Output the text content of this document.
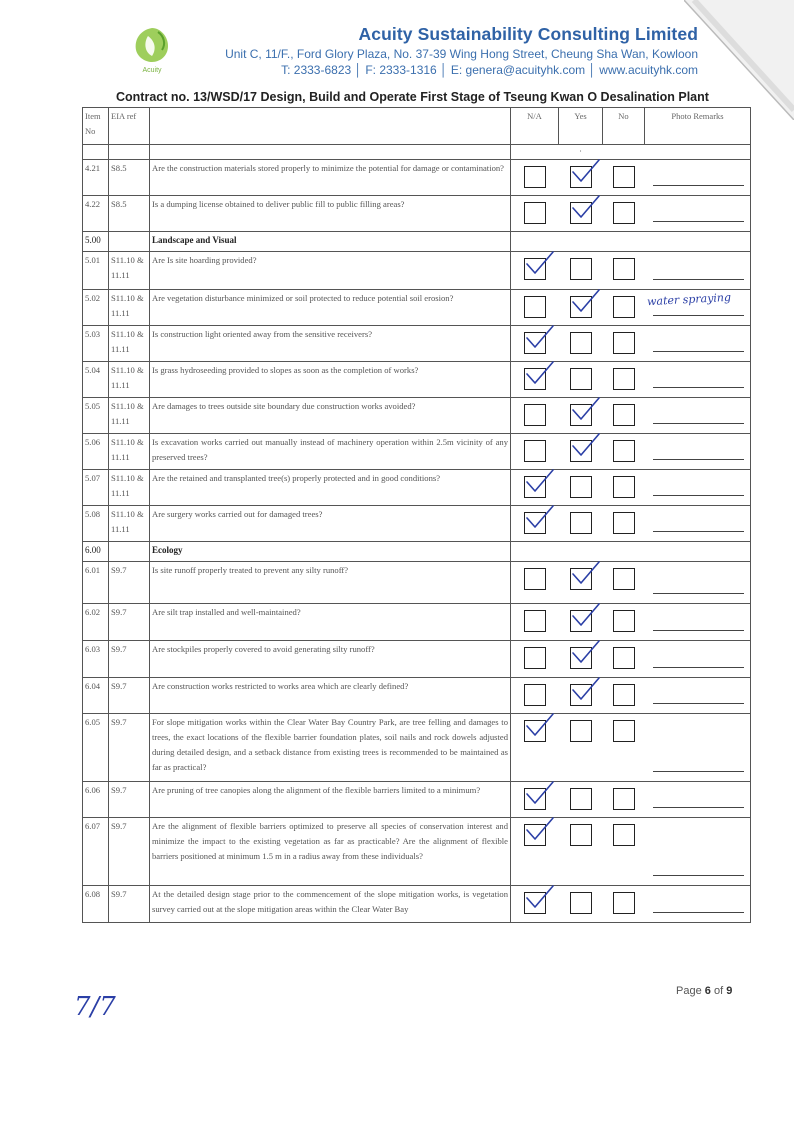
Acuity
Acuity Sustainability Consulting Limited
Unit C, 11/F., Ford Glory Plaza, No. 37-39 Wing Hong Street, Cheung Sha Wan, Kowloon
T: 2333-6823 │ F: 2333-1316 │ E: genera@acuityhk.com │ www.acuityhk.com
Contract no. 13/WSD/17 Design, Build and Operate First Stage of Tseung Kwan O Desalination Plant
Item No	EIA ref		N/A	Yes	No	Photo Remarks
				·		
4.21	S8.5	Are the construction materials stored properly to minimize the potential for damage or contamination?	

4.22	S8.5	Is a dumping license obtained to deliver public fill to public filling areas?	

5.00		Landscape and Visual				
5.01	S11.10 & 11.11	Are Is site hoarding provided?	

5.02	S11.10 & 11.11	Are vegetation disturbance minimized or soil protected to reduce potential soil erosion?				water spraying

5.03	S11.10 & 11.11	Is construction light oriented away from the sensitive receivers?	

5.04	S11.10 & 11.11	Is grass hydroseeding provided to slopes as soon as the completion of works?	

5.05	S11.10 & 11.11	Are damages to trees outside site boundary due construction works avoided?	

5.06	S11.10 & 11.11	Is excavation works carried out manually instead of machinery operation within 2.5m vicinity of any preserved trees?	

5.07	S11.10 & 11.11	Are the retained and transplanted tree(s) properly protected and in good conditions?	

5.08	S11.10 & 11.11	Are surgery works carried out for damaged trees?	

6.00		Ecology				
6.01	S9.7	Is site runoff properly treated to prevent any silty runoff?	

6.02	S9.7	Are silt trap installed and well-maintained?	

6.03	S9.7	Are stockpiles properly covered to avoid generating silty runoff?	

6.04	S9.7	Are construction works restricted to works area which are clearly defined?	

6.05	S9.7	For slope mitigation works within the Clear Water Bay Country Park, are tree felling and damages to trees, the exact locations of the flexible barrier foundation plates, soil nails and rock dowels adjusted during detailed design, and a setback distance from existing trees is recommended to be maintained as far as practical?	

6.06	S9.7	Are pruning of tree canopies along the alignment of the flexible barriers limited to a minimum?	

6.07	S9.7	Are the alignment of flexible barriers optimized to preserve all species of conservation interest and minimize the impact to the existing vegetation as far as practicable? Are the alignment of flexible barriers positioned at minimum 1.5 m in a radius away from these individuals?	

6.08	S9.7	At the detailed design stage prior to the commencement of the slope mitigation works, is vegetation survey carried out at the slope mitigation areas within the Clear Water Bay	

Page 6 of 9
7/7
